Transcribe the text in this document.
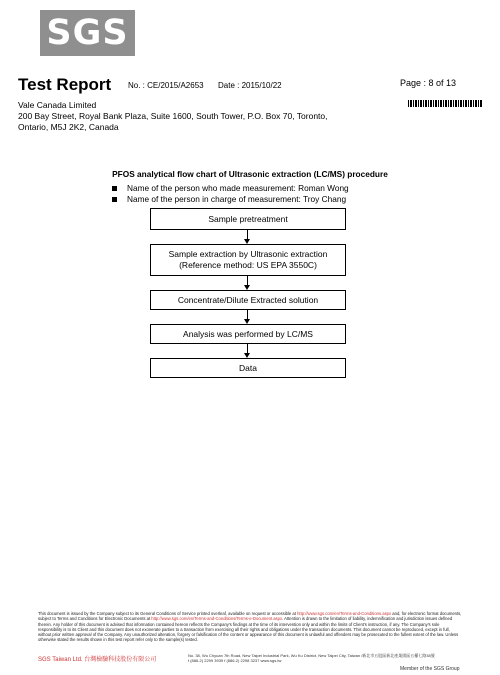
SGS
Test Report No. : CE/2015/A2653 Date : 2015/10/22	Page : 8 of 13
Vale Canada Limited
200 Bay Street, Royal Bank Plaza, Suite 1600, South Tower, P.O. Box 70, Toronto,
Ontario, M5J 2K2, Canada
PFOS analytical flow chart of Ultrasonic extraction (LC/MS) procedure
Name of the person who made measurement: Roman Wong
Name of the person in charge of measurement: Troy Chang
Sample pretreatment
Sample extraction by Ultrasonic extraction
(Reference method: US EPA 3550C)
Concentrate/Dilute Extracted solution
Analysis was performed by LC/MS
Data
This document is issued by the Company subject to its General Conditions of Service printed overleaf, available on request or accessible at http://www.sgs.com/en/Terms-and-Conditions.aspx and, for electronic format documents, subject to Terms and Conditions for Electronic Documents at http://www.sgs.com/en/Terms-and-Conditions/Terms-e-Document.aspx. Attention is drawn to the limitation of liability, indemnification and jurisdiction issues defined therein. Any holder of this document is advised that information contained hereon reflects the Company's findings at the time of its intervention only and within the limits of Client's instruction, if any. The Company's sole responsibility is to its Client and this document does not exonerate parties to a transaction from exercising all their rights and obligations under the transaction documents. This document cannot be reproduced, except in full, without prior written approval of the Company. Any unauthorized alteration, forgery or falsification of the content or appearance of this document is unlawful and offenders may be prosecuted to the fullest extent of the law. Unless otherwise stated the results shown in this test report refer only to the sample(s) tested.
SGS Taiwan Ltd. 台灣檢驗科技股份有限公司
No. 38, Wu Chyuan 7th Road, New Taipei Industrial Park, Wu Ku District, New Taipei City, Taiwan /新北市五股區新北產業園區五權七路38號
t (886-2) 2299 3939 f (886-2) 2298 3237 www.sgs.tw
Member of the SGS Group
